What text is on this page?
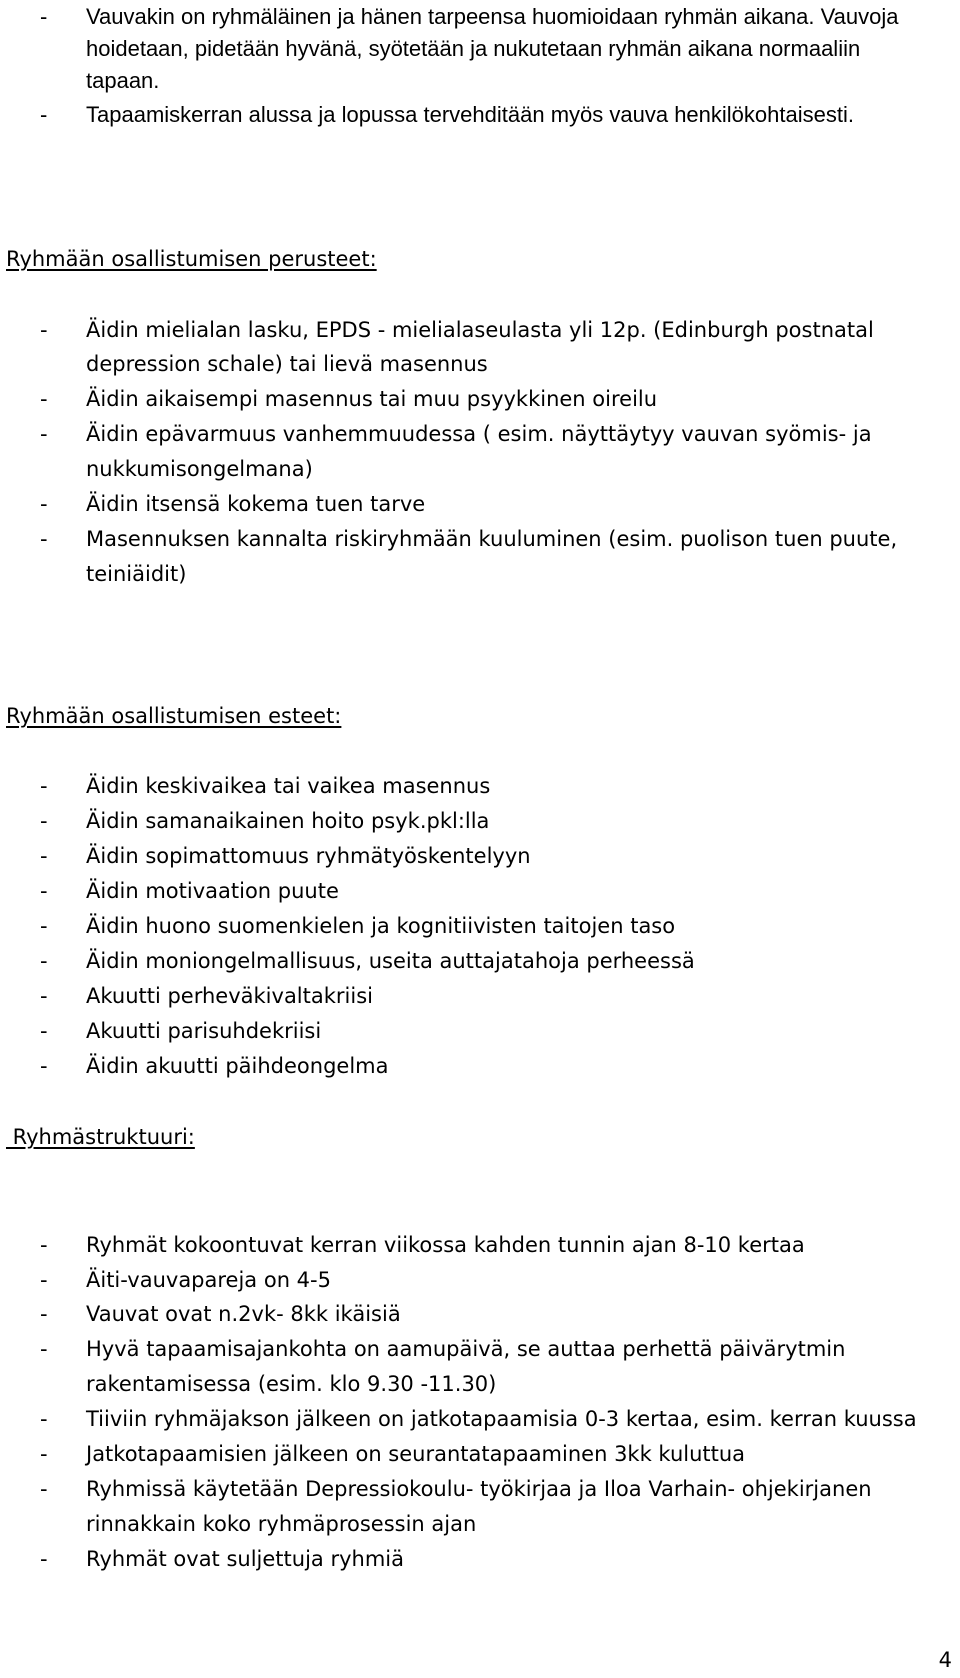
- Vauvakin on ryhmäläinen ja hänen tarpeensa huomioidaan ryhmän aikana. Vauvoja
hoidetaan, pidetään hyvänä, syötetään ja nukutetaan ryhmän aikana normaaliin
tapaan.
- Tapaamiskerran alussa ja lopussa tervehditään myös vauva henkilökohtaisesti.
Ryhmään osallistumisen perusteet:
- Äidin mielialan lasku, EPDS - mielialaseulasta yli 12p. (Edinburgh postnatal
depression schale) tai lievä masennus
- Äidin aikaisempi masennus tai muu psyykkinen oireilu
- Äidin epävarmuus vanhemmuudessa ( esim. näyttäytyy vauvan syömis- ja
nukkumisongelmana)
- Äidin itsensä kokema tuen tarve
- Masennuksen kannalta riskiryhmään kuuluminen (esim. puolison tuen puute,
teiniäidit)
Ryhmään osallistumisen esteet:
- Äidin keskivaikea tai vaikea masennus
- Äidin samanaikainen hoito psyk.pkl:lla
- Äidin sopimattomuus ryhmätyöskentelyyn
- Äidin motivaation puute
- Äidin huono suomenkielen ja kognitiivisten taitojen taso
- Äidin moniongelmallisuus, useita auttajatahoja perheessä
- Akuutti perheväkivaltakriisi
- Akuutti parisuhdekriisi
- Äidin akuutti päihdeongelma
Ryhmästruktuuri:
- Ryhmät kokoontuvat kerran viikossa kahden tunnin ajan 8-10 kertaa
- Äiti-vauvapareja on 4-5
- Vauvat ovat n.2vk- 8kk ikäisiä
- Hyvä tapaamisajankohta on aamupäivä, se auttaa perhettä päivärytmin
rakentamisessa (esim. klo 9.30 -11.30)
- Tiiviin ryhmäjakson jälkeen on jatkotapaamisia 0-3 kertaa, esim. kerran kuussa
- Jatkotapaamisien jälkeen on seurantatapaaminen 3kk kuluttua
- Ryhmissä käytetään Depressiokoulu- työkirjaa ja Iloa Varhain- ohjekirjanen
rinnakkain koko ryhmäprosessin ajan
- Ryhmät ovat suljettuja ryhmiä
4
